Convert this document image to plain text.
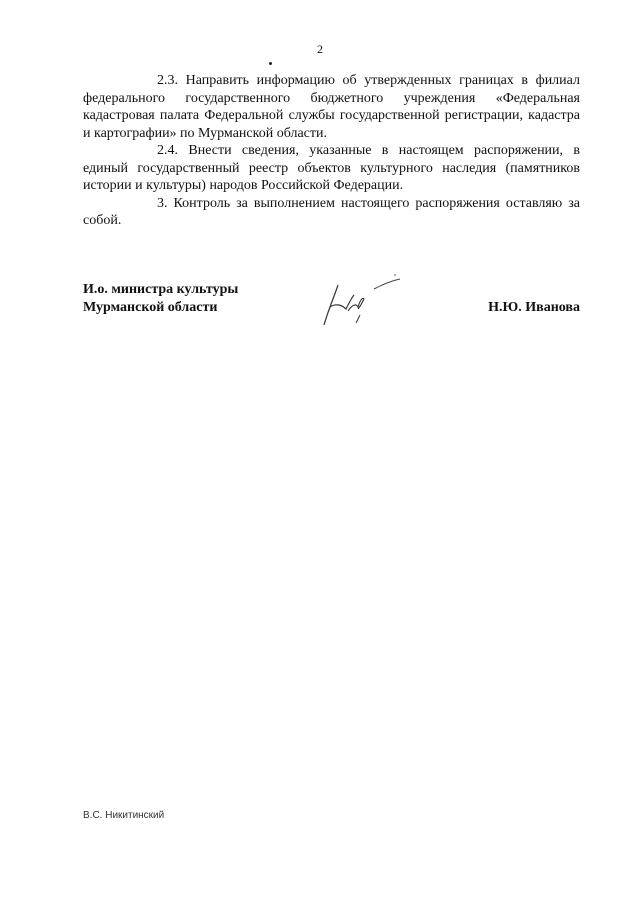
2

2.3. Направить информацию об утвержденных границах в филиал федерального государственного бюджетного учреждения «Федеральная кадастровая палата Федеральной службы государственной регистрации, кадастра и картографии» по Мурманской области.

2.4. Внести сведения, указанные в настоящем распоряжении, в единый государственный реестр объектов культурного наследия (памятников истории и культуры) народов Российской Федерации.

3. Контроль за выполнением настоящего распоряжения оставляю за собой.

И.о. министра культуры
Мурманской области	Н.Ю. Иванова
В.С. Никитинский
